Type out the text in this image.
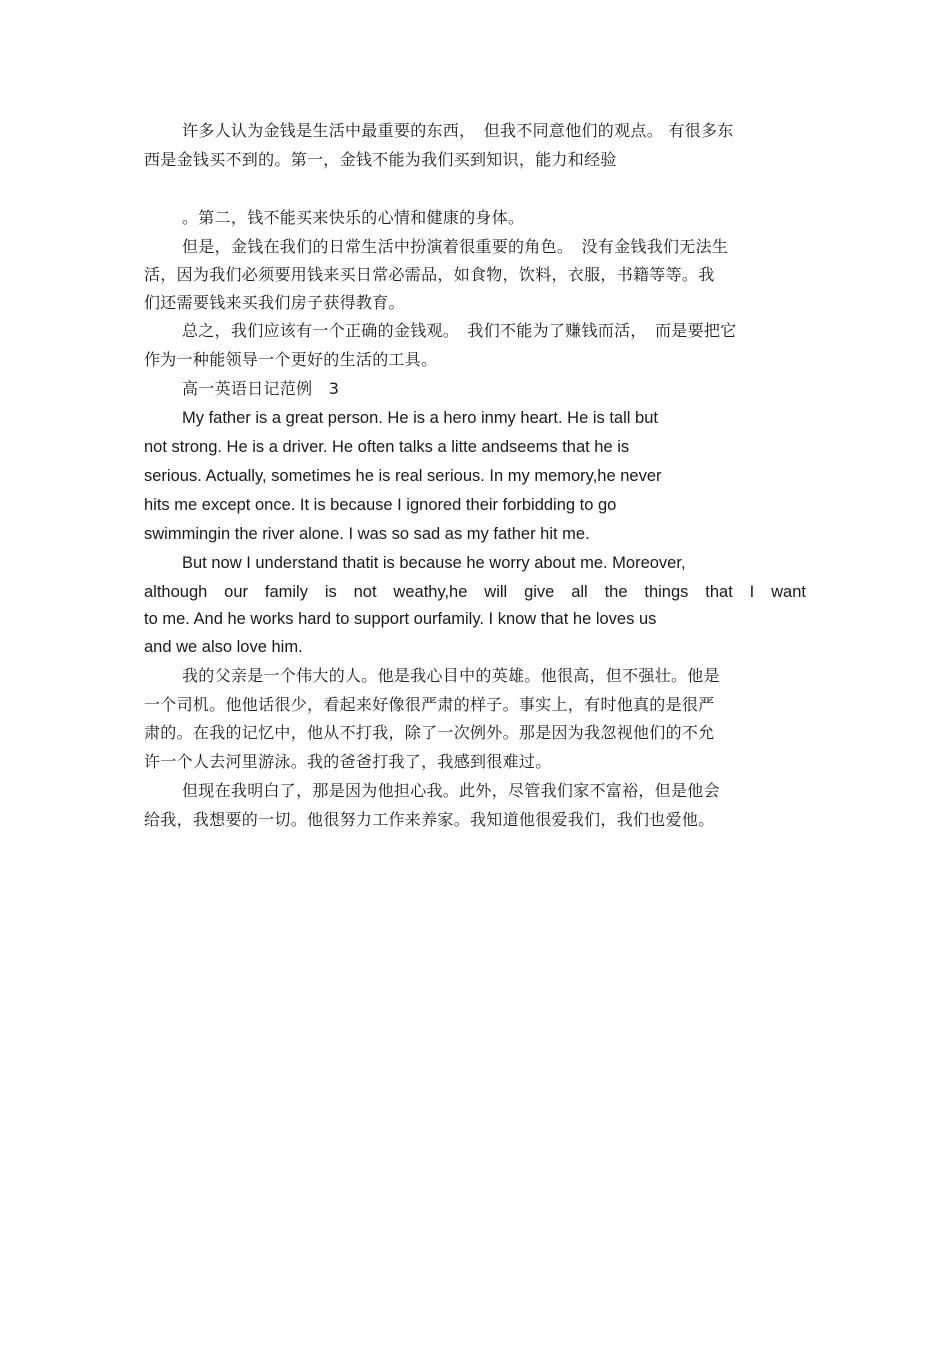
许多人认为金钱是生活中最重要的东西，　但我不同意他们的观点。 有很多东
西是金钱买不到的。第一，金钱不能为我们买到知识，能力和经验
。第二，钱不能买来快乐的心情和健康的身体。
但是，金钱在我们的日常生活中扮演着很重要的角色。　没有金钱我们无法生
活，因为我们必须要用钱来买日常必需品，如食物，饮料，衣服，书籍等等。我
们还需要钱来买我们房子获得教育。
总之，我们应该有一个正确的金钱观。　我们不能为了赚钱而活，　而是要把它
作为一种能领导一个更好的生活的工具。
高一英语日记范例　3
My father is a great person. He is a hero inmy heart. He is tall but
not strong. He is a driver. He often talks a litte andseems that he is
serious. Actually, sometimes he is real serious. In my memory,he never
hits me except once. It is because I ignored their forbidding to go
swimmingin the river alone. I was so sad as my father hit me.
But now I understand thatit is because he worry about me. Moreover,
although our family is not weathy,he will give all the things that I want
to me. And he works hard to support ourfamily. I know that he loves us
and we also love him.
我的父亲是一个伟大的人。他是我心目中的英雄。他很高，但不强壮。他是
一个司机。他他话很少，看起来好像很严肃的样子。事实上，有时他真的是很严
肃的。在我的记忆中，他从不打我，除了一次例外。那是因为我忽视他们的不允
许一个人去河里游泳。我的爸爸打我了，我感到很难过。
但现在我明白了，那是因为他担心我。此外，尽管我们家不富裕，但是他会
给我，我想要的一切。他很努力工作来养家。我知道他很爱我们，我们也爱他。
